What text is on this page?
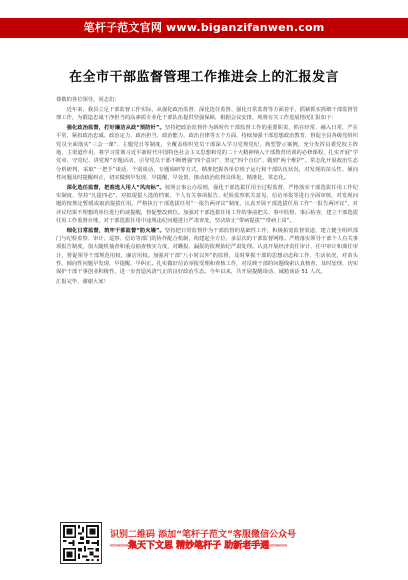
笔杆子范文官网 www.biganzifanwen.com
在全市干部监督管理工作推进会上的汇报发言

尊敬的各位领导，同志们：

近年来，我县立足干部监督工作实际，从强化政治监督、深化选任监督、强化日常监督等方面着手，抓紧抓实抓细干部监督管理工作，为锻造忠诚干净担当的高素质专业化干部队伍提供坚强保障，根据会议安排，现将有关工作进展情况汇报如下：

强化政治监督，打好廉洁从政“预防针”。坚持把政治监督作为新时代干部监督工作的重要职责，抓在经常、融入日常，严在平常，紧扣政治忠诚、政治定力、政治担当、政治能力、政治自律等五个方面，持续加强干部思想政治教育，督促全县各级党组织党员全面落实“三会一课”、主题党日等制度，全覆盖组织党员干部深入学习党规党纪，典型警示案例，充分发挥县委党校主阵地、主渠道作用，将学习贯彻习近平新时代中国特色社会主义思想和党的二十大精神纳入干部教育培训的必修课程，扎实开展“学党章、守党纪、讲党规”专题活动，引导党员干部不断增强“四个意识”、坚定“四个自信”、做到“两个维护”。常态化开展政治生态分析研判，采取“一把手”谈话、个别谈话、专题调研等方式，精准把握各单位班子运行和干部队伍状况，对发现的苗头性、倾向性问题及时提醒纠正，切实做到早发现、早提醒、早处置，推动政治监督具体化、精准化、常态化。

深化选任监督，把准选人用人“风向标”。按照公事公办原则，强化干部选拔任用全过程监督，严格落实干部选拔任用工作纪实制度，坚持“凡提四必”，对拟提拔人选的档案、个人有关事项报告、纪检监察机关意见、信访举报等进行全面审核，对发现问题的按规定暂缓或取消提拔任用。严格执行干部选拔任用“一报告两评议”制度，认真开展干部选拔任用工作“一报告两评议”，对评议结果不理想的单位进行约谈提醒，督促整改到位。加强对干部选拔任用工作的事前把关、事中监督、事后检查，建立干部选拔任用工作监督台账，对干部选拔任用中违规违纪问题进行严肃查处，坚决防止“带病提拔”“带病上岗”。

细化日常监督，筑牢干部监督“防火墙”。坚持把日常监督作为干部监督的基础性工作，积极拓宽监督渠道，建立健全组织部门与纪检监察、审计、巡察、信访等部门的协作配合机制，构建起全方位、多层次的干部监督网络。严格落实领导干部个人有关事项报告制度，加大随机抽查和重点抽查核实力度，对瞒报、漏报的依规依纪严肃处理。认真开展经济责任审计、任中审计和离任审计，督促领导干部规范用权、廉洁用权。加强对干部“八小时以外”的监督，及时掌握干部的思想动态和工作、生活状况，对苗头性、倾向性问题早发现、早提醒、早纠正。扎实做好信访举报受理和查核工作，对反映干部的问题线索认真核查、及时处理，切实保护干部干事创业积极性，进一步营造风清气正的良好政治生态。今年以来，共开展提醒谈话、诫勉谈话 51 人次。

汇报完毕，谢谢大家！

识别二维码 添加“笔杆子范文”客服微信公众号
——集天下文思 精妙笔杆子 助新老手通——
